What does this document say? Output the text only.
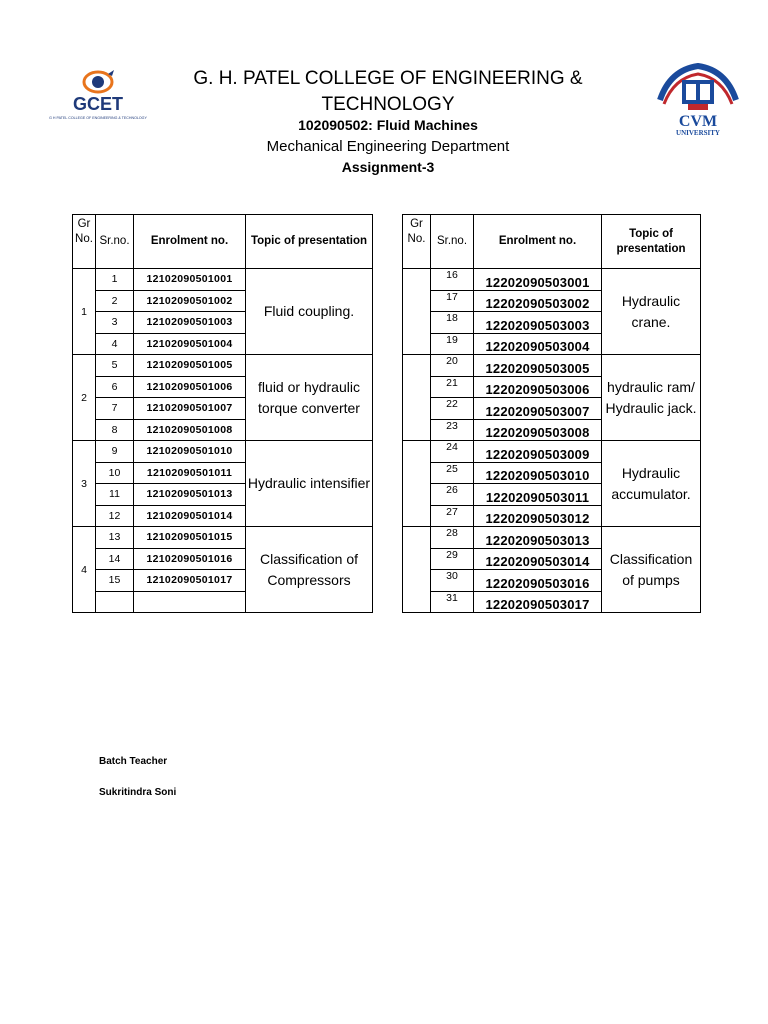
GCET
G H PATEL COLLEGE OF ENGINEERING & TECHNOLOGY	CVM
UNIVERSITY
G. H. PATEL COLLEGE OF ENGINEERING & TECHNOLOGY
102090502: Fluid Machines
Mechanical Engineering Department
Assignment-3
Gr No.	Sr.no.	Enrolment no.	Topic of presentation
1	1	12102090501001	Fluid coupling.
	2	12102090501002	
	3	12102090501003	
	4	12102090501004	
2	5	12102090501005	fluid or hydraulic torque converter
	6	12102090501006	
	7	12102090501007	
	8	12102090501008	
3	9	12102090501010	Hydraulic intensifier
	10	12102090501011	
	11	12102090501013	
	12	12102090501014	
4	13	12102090501015	Classification of Compressors
	14	12102090501016	
	15	12102090501017	

Gr No.	Sr.no.	Enrolment no.	Topic of presentation
	16	12202090503001	Hydraulic crane.
	17	12202090503002	
	18	12202090503003	
	19	12202090503004	
	20	12202090503005	hydraulic ram/ Hydraulic jack.
	21	12202090503006	
	22	12202090503007	
	23	12202090503008	
	24	12202090503009	Hydraulic accumulator.
	25	12202090503010	
	26	12202090503011	
	27	12202090503012	
	28	12202090503013	Classification of pumps
	29	12202090503014	
	30	12202090503016	
	31	12202090503017	
Batch Teacher
Sukritindra Soni
